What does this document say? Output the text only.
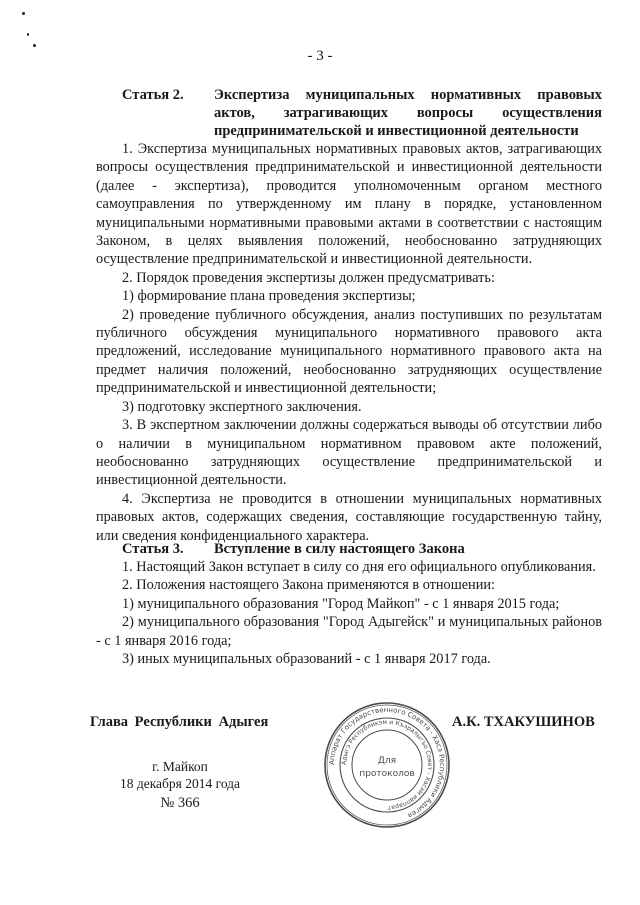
- 3 -
Статья 2. Экспертиза муниципальных нормативных правовых актов, затрагивающих вопросы осуществления предпринимательской и инвестиционной деятельности

1. Экспертиза муниципальных нормативных правовых актов, затрагивающих вопросы осуществления предпринимательской и инвестиционной деятельности (далее - экспертиза), проводится уполномоченным органом местного самоуправления по утвержденному им плану в порядке, установленном муниципальными нормативными правовыми актами в соответствии с настоящим Законом, в целях выявления положений, необоснованно затрудняющих осуществление предпринимательской и инвестиционной деятельности.

2. Порядок проведения экспертизы должен предусматривать:

1) формирование плана проведения экспертизы;

2) проведение публичного обсуждения, анализ поступивших по результатам публичного обсуждения муниципального нормативного правового акта предложений, исследование муниципального нормативного правового акта на предмет наличия положений, необоснованно затрудняющих осуществление предпринимательской и инвестиционной деятельности;

3) подготовку экспертного заключения.

3. В экспертном заключении должны содержаться выводы об отсутствии либо о наличии в муниципальном нормативном правовом акте положений, необоснованно затрудняющих осуществление предпринимательской и инвестиционной деятельности.

4. Экспертиза не проводится в отношении муниципальных нормативных правовых актов, содержащих сведения, составляющие государственную тайну, или сведения конфиденциального характера.

Статья 3. Вступление в силу настоящего Закона

1. Настоящий Закон вступает в силу со дня его официального опубликования.

2. Положения настоящего Закона применяются в отношении:

1) муниципального образования "Город Майкоп" - с 1 января 2015 года;

2) муниципального образования "Город Адыгейск" и муниципальных районов - с 1 января 2016 года;

3) иных муниципальных образований - с 1 января 2017 года.

Глава Республики Адыгея	А.К. ТХАКУШИНОВ
г. Майкоп
18 декабря 2014 года
№ 366
Аппарат Государственного Совета - Хасэ Республики Адыгея
Адыгэ Республикэм и Къэралыгъо Совет - Хасэм иаппарат
Для
протоколов
